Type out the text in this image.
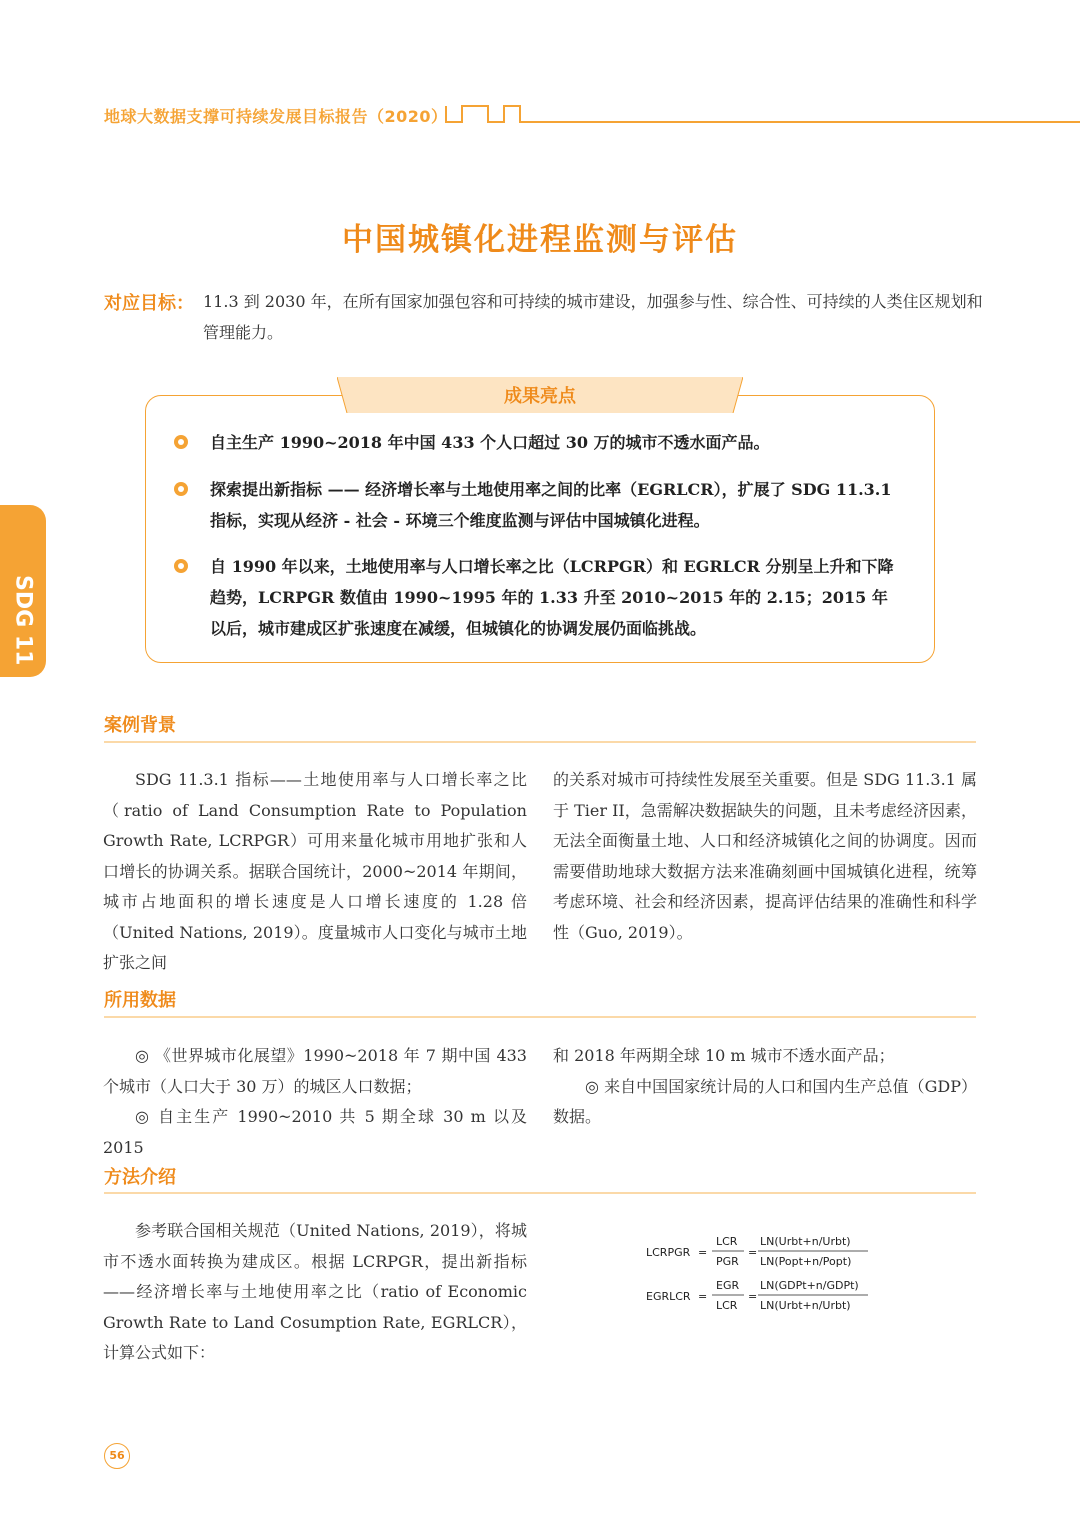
地球大数据支撑可持续发展目标报告（2020）
中国城镇化进程监测与评估
对应目标： 11.3 到 2030 年，在所有国家加强包容和可持续的城市建设，加强参与性、综合性、可持续的人类住区规划和管理能力。
成果亮点
自主生产 1990~2018 年中国 433 个人口超过 30 万的城市不透水面产品。
探索提出新指标 —— 经济增长率与土地使用率之间的比率（EGRLCR），扩展了 SDG 11.3.1 指标，实现从经济 - 社会 - 环境三个维度监测与评估中国城镇化进程。
自 1990 年以来，土地使用率与人口增长率之比（LCRPGR）和 EGRLCR 分别呈上升和下降趋势，LCRPGR 数值由 1990~1995 年的 1.33 升至 2010~2015 年的 2.15；2015 年以后，城市建成区扩张速度在减缓，但城镇化的协调发展仍面临挑战。
案例背景
SDG 11.3.1 指标——土地使用率与人口增长率之比（ratio of Land Consumption Rate to Population Growth Rate, LCRPGR）可用来量化城市用地扩张和人口增长的协调关系。据联合国统计，2000~2014 年期间，城市占地面积的增长速度是人口增长速度的 1.28 倍（United Nations, 2019）。度量城市人口变化与城市土地扩张之间
的关系对城市可持续性发展至关重要。但是 SDG 11.3.1 属于 Tier II，急需解决数据缺失的问题，且未考虑经济因素，无法全面衡量土地、人口和经济城镇化之间的协调度。因而需要借助地球大数据方法来准确刻画中国城镇化进程，统筹考虑环境、社会和经济因素，提高评估结果的准确性和科学性（Guo, 2019）。
所用数据
◎ 《世界城市化展望》1990~2018 年 7 期中国 433 个城市（人口大于 30 万）的城区人口数据；
◎ 自主生产 1990~2010 共 5 期全球 30 m 以及 2015
和 2018 年两期全球 10 m 城市不透水面产品；
◎ 来自中国国家统计局的人口和国内生产总值（GDP）数据。
方法介绍
参考联合国相关规范（United Nations, 2019），将城市不透水面转换为建成区。根据 LCRPGR，提出新指标——经济增长率与土地使用率之比（ratio of Economic Growth Rate to Land Cosumption Rate, EGRLCR），计算公式如下：
LCRPGR =
LCR
PGR
=
LN(Urbt+n/Urbt)
LN(Popt+n/Popt)
EGRLCR =
EGR
LCR
=
LN(GDPt+n/GDPt)
LN(Urbt+n/Urbt)
56
